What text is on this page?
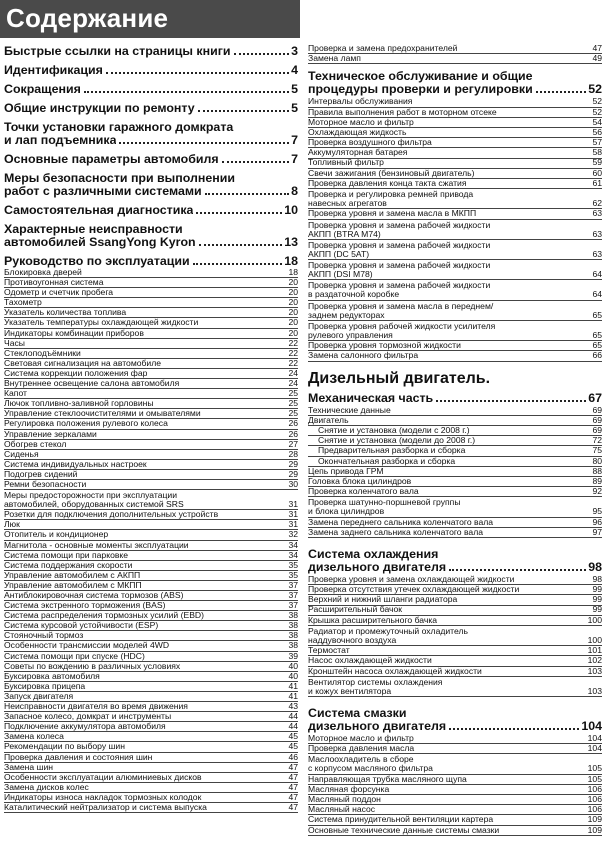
Содержание
Быстрые ссылки на страницы книги	3
Идентификация	4
Сокращения	5
Общие инструкции по ремонту	5
Точки установки гаражного домкрата
и лап подъемника	7
Основные параметры автомобиля	7
Меры безопасности при выполнении
работ с различными системами	8
Самостоятельная диагностика	10
Характерные неисправности
автомобилей SsangYong Kyron	13
Руководство по эксплуатации	18
Блокировка дверей	18
Противоугонная система	20
Одометр и счетчик пробега	20
Тахометр	20
Указатель количества топлива	20
Указатель температуры охлаждающей жидкости	20
Индикаторы комбинации приборов	20
Часы	22
Стеклоподъёмники	22
Световая сигнализация на автомобиле	22
Система коррекции положения фар	24
Внутреннее освещение салона автомобиля	24
Капот	25
Лючок топливно-заливной горловины	25
Управление стеклоочистителями и омывателями	25
Регулировка положения рулевого колеса	26
Управление зеркалами	26
Обогрев стекол	27
Сиденья	28
Система индивидуальных настроек	29
Подогрев сидений	29
Ремни безопасности	30
Меры предосторожности при эксплуатации
автомобилей, оборудованных системой SRS	31
Розетки для подключения дополнительных устройств	31
Люк	31
Отопитель и кондиционер	32
Магнитола - основные моменты эксплуатации	34
Система помощи при парковке	34
Система поддержания скорости	35
Управление автомобилем с АКПП	35
Управление автомобилем с МКПП	37
Антиблокировочная система тормозов (ABS)	37
Система экстренного торможения (BAS)	37
Система распределения тормозных усилий (EBD)	38
Система курсовой устойчивости (ESP)	38
Стояночный тормоз	38
Особенности трансмиссии моделей 4WD	38
Система помощи при спуске (HDC)	39
Советы по вождению в различных условиях	40
Буксировка автомобиля	40
Буксировка прицепа	41
Запуск двигателя	41
Неисправности двигателя во время движения	43
Запасное колесо, домкрат и инструменты	44
Подключение аккумулятора автомобиля	44
Замена колеса	45
Рекомендации по выбору шин	45
Проверка давления и состояния шин	46
Замена шин	47
Особенности эксплуатации алюминиевых дисков	47
Замена дисков колес	47
Индикаторы износа накладок тормозных колодок	47
Каталитический нейтрализатор и система выпуска	47
Проверка и замена предохранителей	47
Замена ламп	49
Техническое обслуживание и общие
процедуры проверки и регулировки	52
Интервалы обслуживания	52
Правила выполнения работ в моторном отсеке	52
Моторное масло и фильтр	54
Охлаждающая жидкость	56
Проверка воздушного фильтра	57
Аккумуляторная батарея	58
Топливный фильтр	59
Свечи зажигания (бензиновый двигатель)	60
Проверка давления конца такта сжатия	61
Проверка и регулировка ремней привода
навесных агрегатов	62
Проверка уровня и замена масла в МКПП	63
Проверка уровня и замена рабочей жидкости
АКПП (BTRA M74)	63
Проверка уровня и замена рабочей жидкости
АКПП (DC 5AT)	63
Проверка уровня и замена рабочей жидкости
АКПП (DSI M78)	64
Проверка уровня и замена рабочей жидкости
в раздаточной коробке	64
Проверка уровня и замена масла в переднем/
заднем редукторах	65
Проверка уровня рабочей жидкости усилителя
рулевого управления	65
Проверка уровня тормозной жидкости	65
Замена салонного фильтра	66
Дизельный двигатель.
Механическая часть	67
Технические данные	69
Двигатель	69
Снятие и установка (модели с 2008 г.)	69
Снятие и установка (модели до 2008 г.)	72
Предварительная разборка и сборка	75
Окончательная разборка и сборка	80
Цепь привода ГРМ	88
Головка блока цилиндров	89
Проверка коленчатого вала	92
Проверка шатунно-поршневой группы
и блока цилиндров	95
Замена переднего сальника коленчатого вала	96
Замена заднего сальника коленчатого вала	97
Система охлаждения
дизельного двигателя	98
Проверка уровня и замена охлаждающей жидкости	98
Проверка отсутствия утечек охлаждающей жидкости	99
Верхний и нижний шланги радиатора	99
Расширительный бачок	99
Крышка расширительного бачка	100
Радиатор и промежуточный охладитель
наддувочного воздуха	100
Термостат	101
Насос охлаждающей жидкости	102
Кронштейн насоса охлаждающей жидкости	103
Вентилятор системы охлаждения
и кожух вентилятора	103
Система смазки
дизельного двигателя	104
Моторное масло и фильтр	104
Проверка давления масла	104
Маслоохладитель в сборе
с корпусом масляного фильтра	105
Направляющая трубка масляного щупа	105
Масляная форсунка	106
Масляный поддон	106
Масляный насос	106
Система принудительной вентиляции картера	109
Основные технические данные системы смазки	109
